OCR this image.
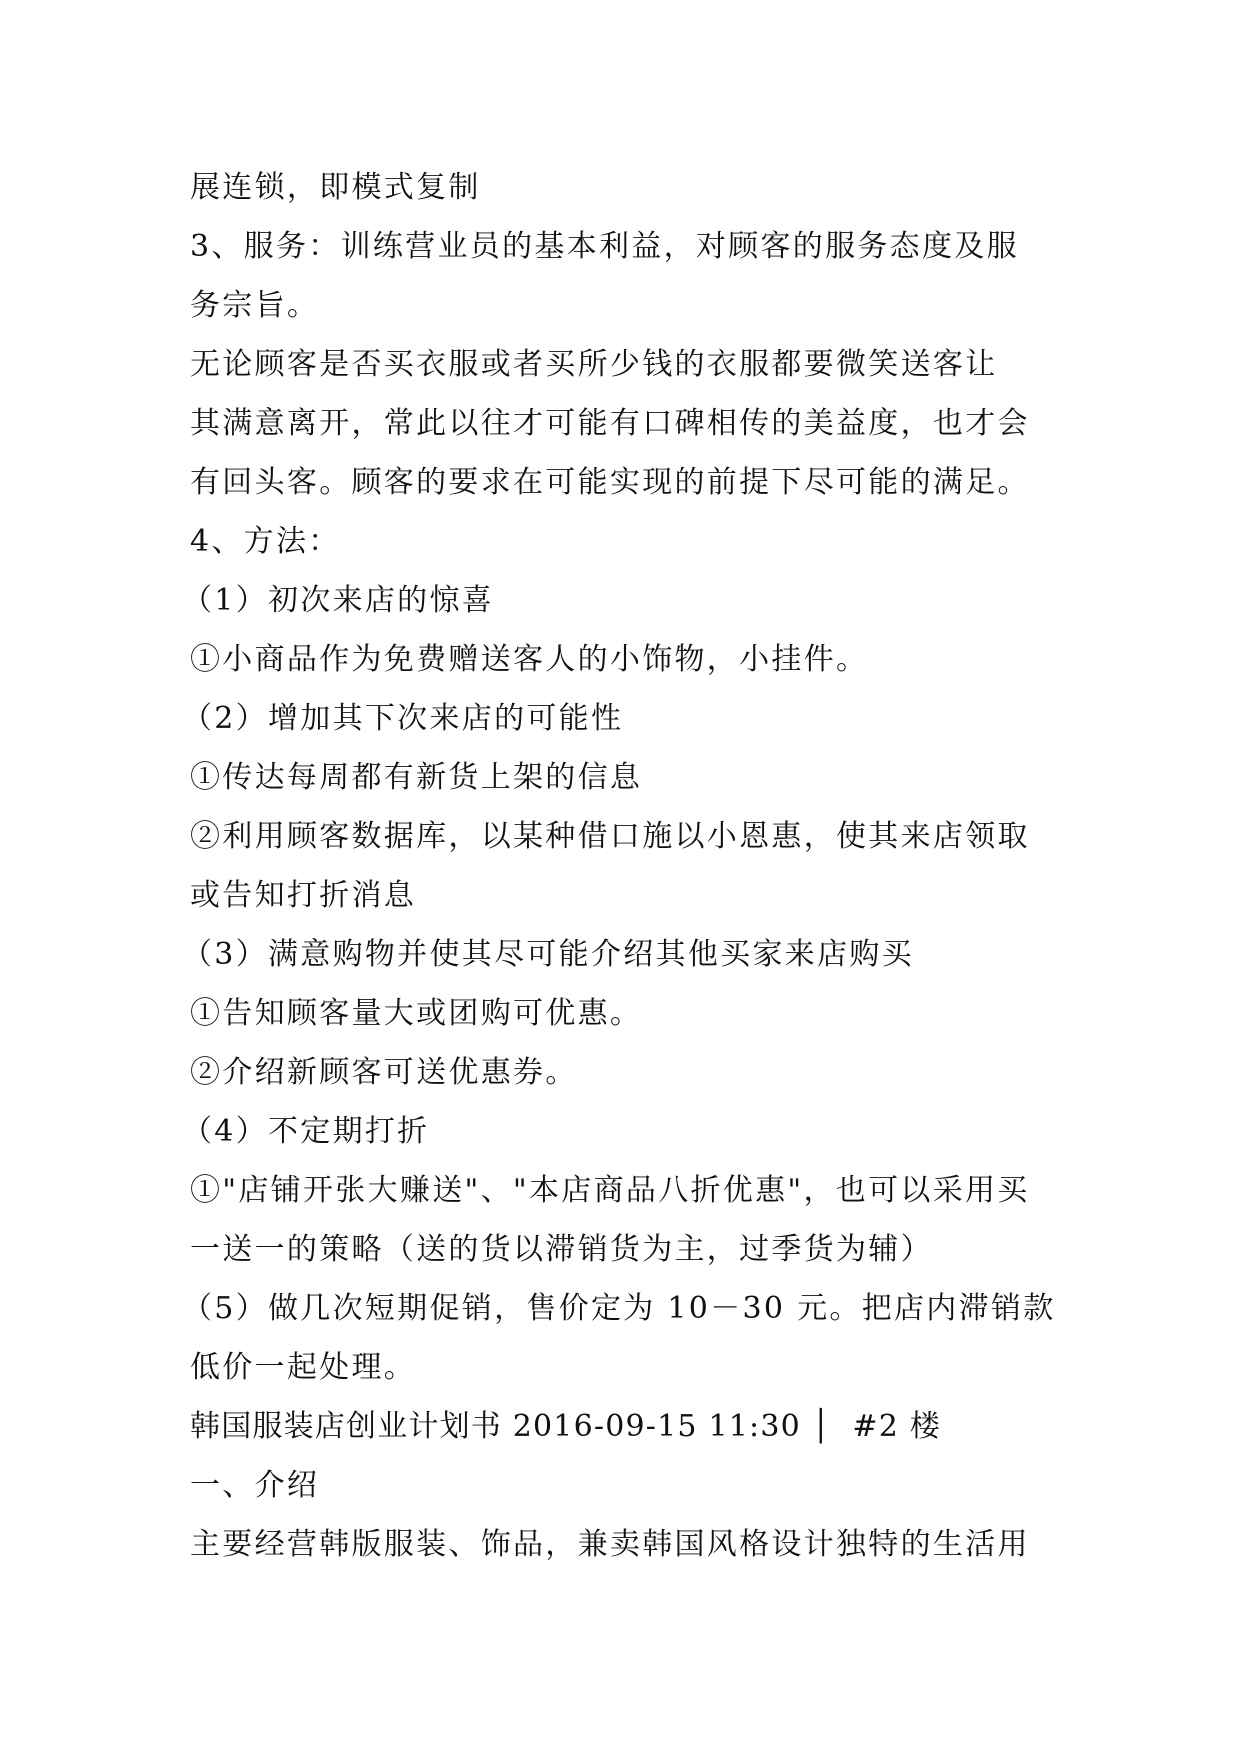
展连锁，即模式复制
3、服务：训练营业员的基本利益，对顾客的服务态度及服
务宗旨。
无论顾客是否买衣服或者买所少钱的衣服都要微笑送客让
其满意离开，常此以往才可能有口碑相传的美益度，也才会
有回头客。顾客的要求在可能实现的前提下尽可能的满足。
4、方法：
（1）初次来店的惊喜
①小商品作为免费赠送客人的小饰物，小挂件。
（2）增加其下次来店的可能性
①传达每周都有新货上架的信息
②利用顾客数据库，以某种借口施以小恩惠，使其来店领取
或告知打折消息
（3）满意购物并使其尽可能介绍其他买家来店购买
①告知顾客量大或团购可优惠。
②介绍新顾客可送优惠券。
（4）不定期打折
①"店铺开张大赚送"、"本店商品八折优惠"，也可以采用买
一送一的策略（送的货以滞销货为主，过季货为辅）
（5）做几次短期促销，售价定为 10－30 元。把店内滞销款
低价一起处理。
韩国服装店创业计划书 2016-09-15 11:30 │  #2 楼
一、介绍
主要经营韩版服装、饰品，兼卖韩国风格设计独特的生活用
